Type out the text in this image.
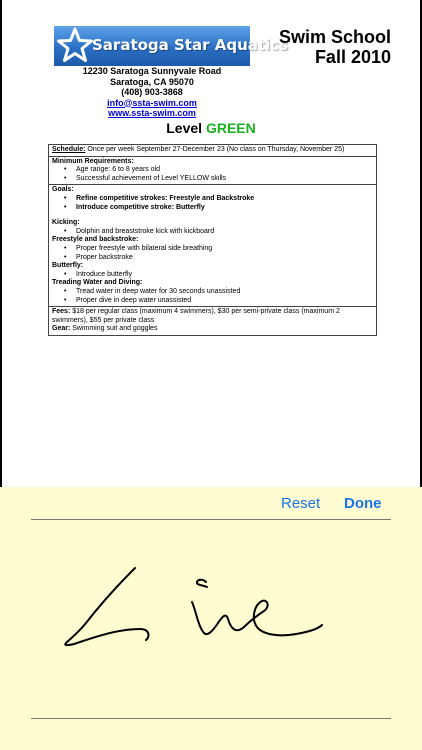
Saratoga Star Aquatics
Swim School
Fall 2010
12230 Saratoga Sunnyvale Road
Saratoga, CA 95070
(408) 903-3868
info@ssta-swim.com
www.ssta-swim.com
Level GREEN
Schedule: Once per week September 27-December 23 (No class on Thursday, November 25)
Minimum Requirements:
• Age range: 6 to 8 years old
• Successful achievement of Level YELLOW skills
Goals:
• Refine competitive strokes: Freestyle and Backstroke
• Introduce competitive stroke: Butterfly
Kicking:
• Dolphin and breaststroke kick with kickboard
Freestyle and backstroke:
• Proper freestyle with bilateral side breathing
• Proper backstroke
Butterfly:
• Introduce butterfly
Treading Water and Diving:
• Tread water in deep water for 30 seconds unassisted
• Proper dive in deep water unassisted
Fees: $18 per regular class (maximum 4 swimmers), $30 per semi-private class (maximum 2 swimmers), $55 per private class
Gear: Swimming suit and goggles
Reset Done
